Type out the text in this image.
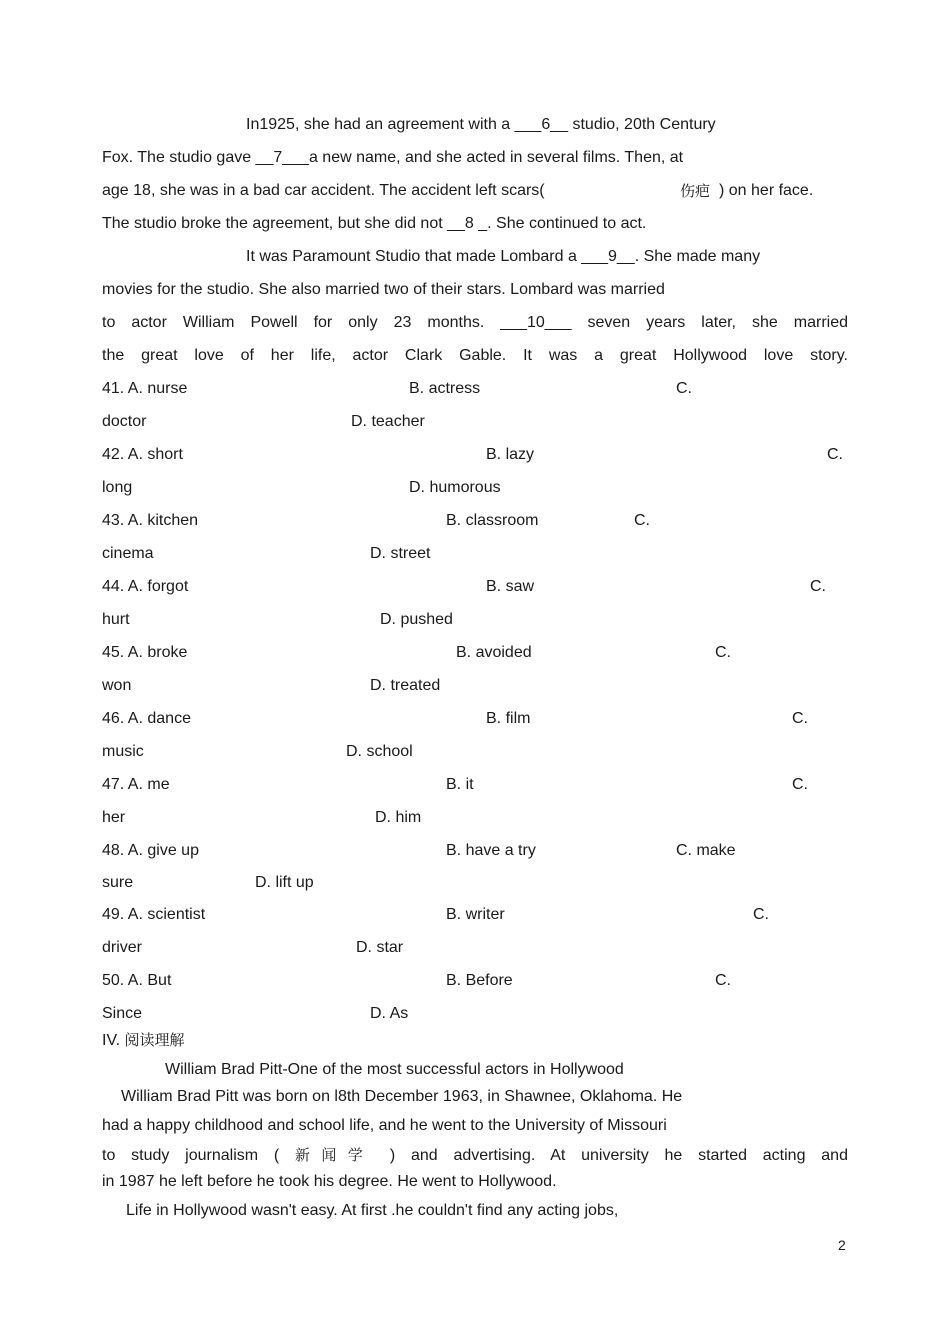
In1925, she had an agreement with a ___6__ studio, 20th Century
Fox. The studio gave __7___a new name, and she acted in several films. Then, at
age 18, she was in a bad car accident. The accident left scars(	伤疤 ) on her face.
The studio broke the agreement, but she did not __8 _. She continued to act.
It was Paramount Studio that made Lombard a ___9__. She made many
movies for the studio. She also married two of their stars. Lombard was married
to actor William Powell for only 23 months. ___10___ seven years later, she married
the great love of her life, actor Clark Gable. It was a great Hollywood love story.
41. A. nurse	B. actress	C.
doctor	D. teacher
42. A. short	B. lazy	C.
long	D. humorous
43. A. kitchen	B. classroom	C.
cinema	D. street
44. A. forgot	B. saw	C.
hurt	D. pushed
45. A. broke	B. avoided	C.
won	D. treated
46. A. dance	B. film	C.
music	D. school
47. A. me	B. it	C.
her	D. him
48. A. give up	B. have a try	C. make
sure	D. lift up
49. A. scientist	B. writer	C.
driver	D. star
50. A. But	B. Before	C.
Since	D. As
IV. 阅读理解
William Brad Pitt-One of the most successful actors in Hollywood
William Brad Pitt was born on l8th December 1963, in Shawnee, Oklahoma. He
had a happy childhood and school life, and he went to the University of Missouri
to study journalism ( 新闻学 ) and advertising. At university he started acting and
in 1987 he left before he took his degree. He went to Hollywood.
Life in Hollywood wasn't easy. At first .he couldn't find any acting jobs,
2
